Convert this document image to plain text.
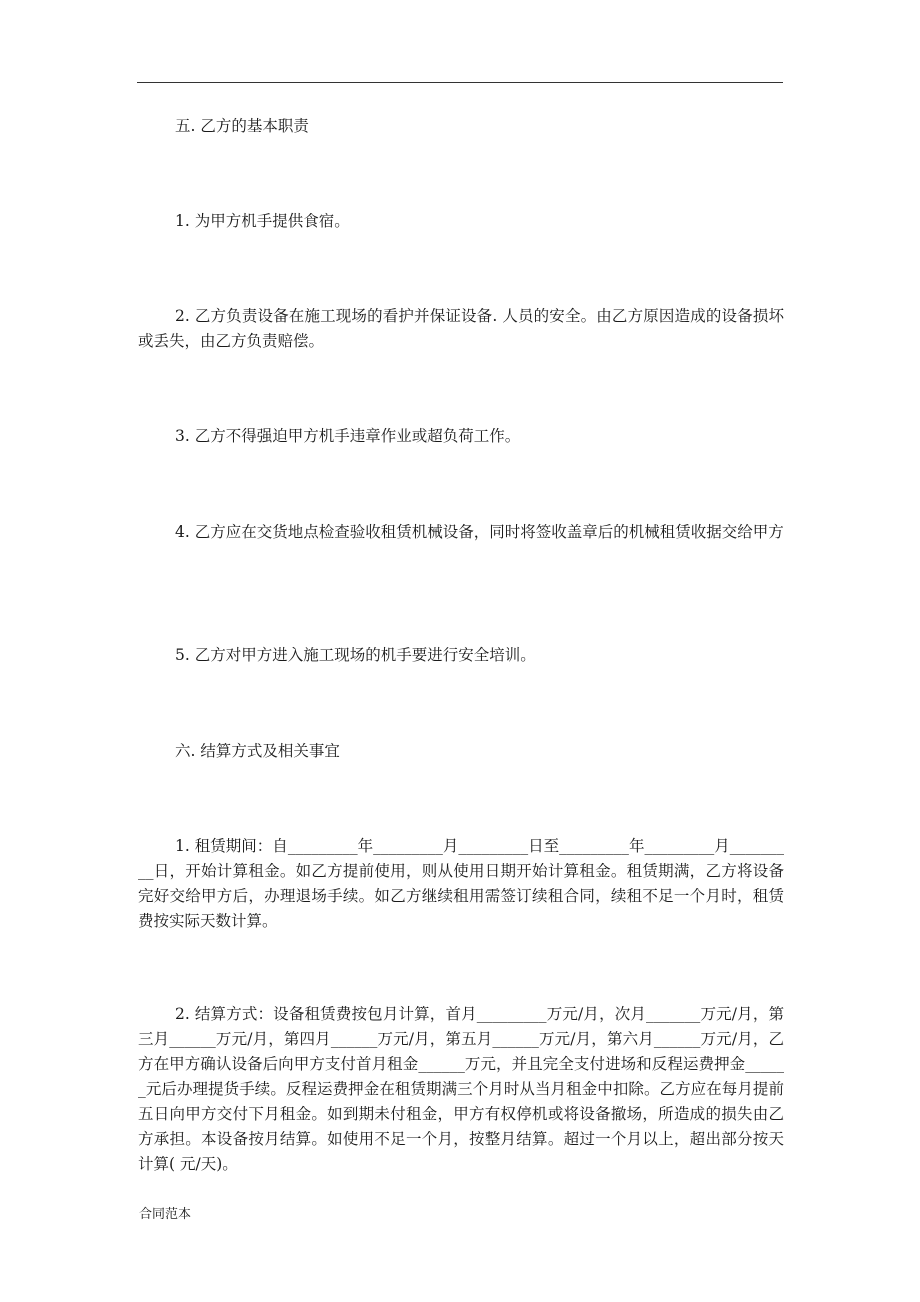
五. 乙方的基本职责

1. 为甲方机手提供食宿。

2. 乙方负责设备在施工现场的看护并保证设备. 人员的安全。由乙方原因造成的设备损坏或丢失，由乙方负责赔偿。

3. 乙方不得强迫甲方机手违章作业或超负荷工作。

4. 乙方应在交货地点检查验收租赁机械设备，同时将签收盖章后的机械租赁收据交给甲方

5. 乙方对甲方进入施工现场的机手要进行安全培训。

六. 结算方式及相关事宜

1. 租赁期间：自_________年_________月_________日至_________年_________月_________日，开始计算租金。如乙方提前使用，则从使用日期开始计算租金。租赁期满，乙方将设备完好交给甲方后，办理退场手续。如乙方继续租用需签订续租合同，续租不足一个月时，租赁费按实际天数计算。

2. 结算方式：设备租赁费按包月计算，首月_________万元/月，次月_______万元/月，第三月______万元/月，第四月______万元/月，第五月______万元/月，第六月______万元/月，乙方在甲方确认设备后向甲方支付首月租金______万元，并且完全支付进场和反程运费押金______元后办理提货手续。反程运费押金在租赁期满三个月时从当月租金中扣除。乙方应在每月提前五日向甲方交付下月租金。如到期未付租金，甲方有权停机或将设备撤场，所造成的损失由乙方承担。本设备按月结算。如使用不足一个月，按整月结算。超过一个月以上，超出部分按天计算( 元/天)。

合同范本
